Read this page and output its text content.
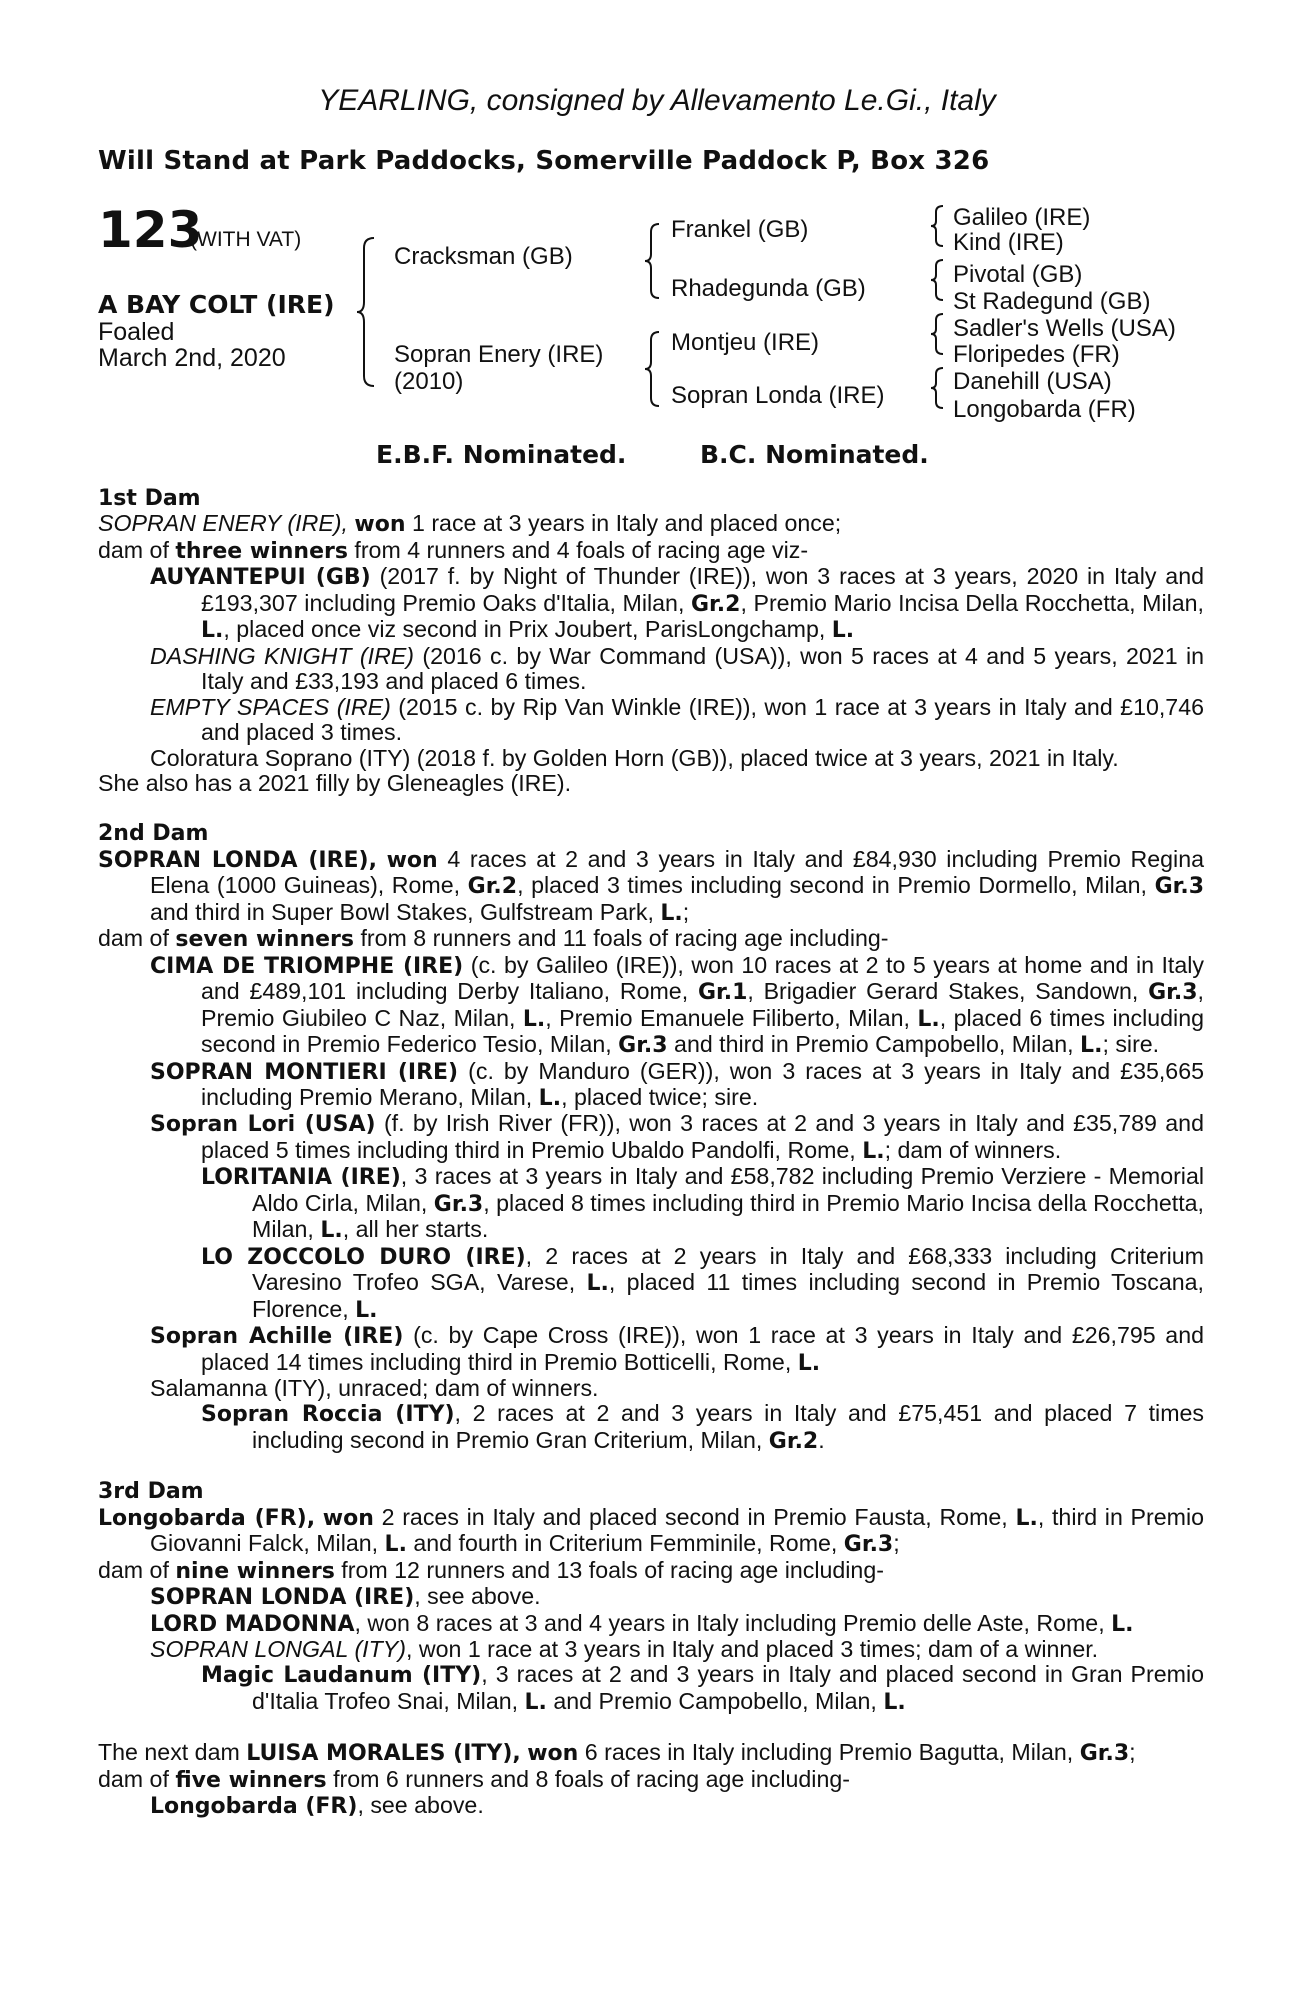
YEARLING, consigned by Allevamento Le.Gi., Italy
Will Stand at Park Paddocks, Somerville Paddock P, Box 326
123
(WITH VAT)
A BAY COLT (IRE)
Foaled
March 2nd, 2020
Cracksman (GB)
Sopran Enery (IRE)
(2010)
Frankel (GB)
Rhadegunda (GB)
Montjeu (IRE)
Sopran Londa (IRE)
Galileo (IRE)
Kind (IRE)
Pivotal (GB)
St Radegund (GB)
Sadler's Wells (USA)
Floripedes (FR)
Danehill (USA)
Longobarda (FR)
E.B.F. Nominated.	B.C. Nominated.

1st Dam

SOPRAN ENERY (IRE), won 1 race at 3 years in Italy and placed once;

dam of three winners from 4 runners and 4 foals of racing age viz-

AUYANTEPUI (GB) (2017 f. by Night of Thunder (IRE)), won 3 races at 3 years, 2020 in Italy and £193,307 including Premio Oaks d'Italia, Milan, Gr.2, Premio Mario Incisa Della Rocchetta, Milan, L., placed once viz second in Prix Joubert, ParisLongchamp, L.

DASHING KNIGHT (IRE) (2016 c. by War Command (USA)), won 5 races at 4 and 5 years, 2021 in Italy and £33,193 and placed 6 times.

EMPTY SPACES (IRE) (2015 c. by Rip Van Winkle (IRE)), won 1 race at 3 years in Italy and £10,746 and placed 3 times.

Coloratura Soprano (ITY) (2018 f. by Golden Horn (GB)), placed twice at 3 years, 2021 in Italy.

She also has a 2021 filly by Gleneagles (IRE).

2nd Dam

SOPRAN LONDA (IRE), won 4 races at 2 and 3 years in Italy and £84,930 including Premio Regina Elena (1000 Guineas), Rome, Gr.2, placed 3 times including second in Premio Dormello, Milan, Gr.3 and third in Super Bowl Stakes, Gulfstream Park, L.;

dam of seven winners from 8 runners and 11 foals of racing age including-

CIMA DE TRIOMPHE (IRE) (c. by Galileo (IRE)), won 10 races at 2 to 5 years at home and in Italy and £489,101 including Derby Italiano, Rome, Gr.1, Brigadier Gerard Stakes, Sandown, Gr.3, Premio Giubileo C Naz, Milan, L., Premio Emanuele Filiberto, Milan, L., placed 6 times including second in Premio Federico Tesio, Milan, Gr.3 and third in Premio Campobello, Milan, L.; sire.

SOPRAN MONTIERI (IRE) (c. by Manduro (GER)), won 3 races at 3 years in Italy and £35,665 including Premio Merano, Milan, L., placed twice; sire.

Sopran Lori (USA) (f. by Irish River (FR)), won 3 races at 2 and 3 years in Italy and £35,789 and placed 5 times including third in Premio Ubaldo Pandolfi, Rome, L.; dam of winners.

LORITANIA (IRE), 3 races at 3 years in Italy and £58,782 including Premio Verziere - Memorial Aldo Cirla, Milan, Gr.3, placed 8 times including third in Premio Mario Incisa della Rocchetta, Milan, L., all her starts.

LO ZOCCOLO DURO (IRE), 2 races at 2 years in Italy and £68,333 including Criterium Varesino Trofeo SGA, Varese, L., placed 11 times including second in Premio Toscana, Florence, L.

Sopran Achille (IRE) (c. by Cape Cross (IRE)), won 1 race at 3 years in Italy and £26,795 and placed 14 times including third in Premio Botticelli, Rome, L.

Salamanna (ITY), unraced; dam of winners.

Sopran Roccia (ITY), 2 races at 2 and 3 years in Italy and £75,451 and placed 7 times including second in Premio Gran Criterium, Milan, Gr.2.

3rd Dam

Longobarda (FR), won 2 races in Italy and placed second in Premio Fausta, Rome, L., third in Premio Giovanni Falck, Milan, L. and fourth in Criterium Femminile, Rome, Gr.3;

dam of nine winners from 12 runners and 13 foals of racing age including-

SOPRAN LONDA (IRE), see above.

LORD MADONNA, won 8 races at 3 and 4 years in Italy including Premio delle Aste, Rome, L.

SOPRAN LONGAL (ITY), won 1 race at 3 years in Italy and placed 3 times; dam of a winner.

Magic Laudanum (ITY), 3 races at 2 and 3 years in Italy and placed second in Gran Premio d'Italia Trofeo Snai, Milan, L. and Premio Campobello, Milan, L.

The next dam LUISA MORALES (ITY), won 6 races in Italy including Premio Bagutta, Milan, Gr.3;

dam of five winners from 6 runners and 8 foals of racing age including-

Longobarda (FR), see above.
